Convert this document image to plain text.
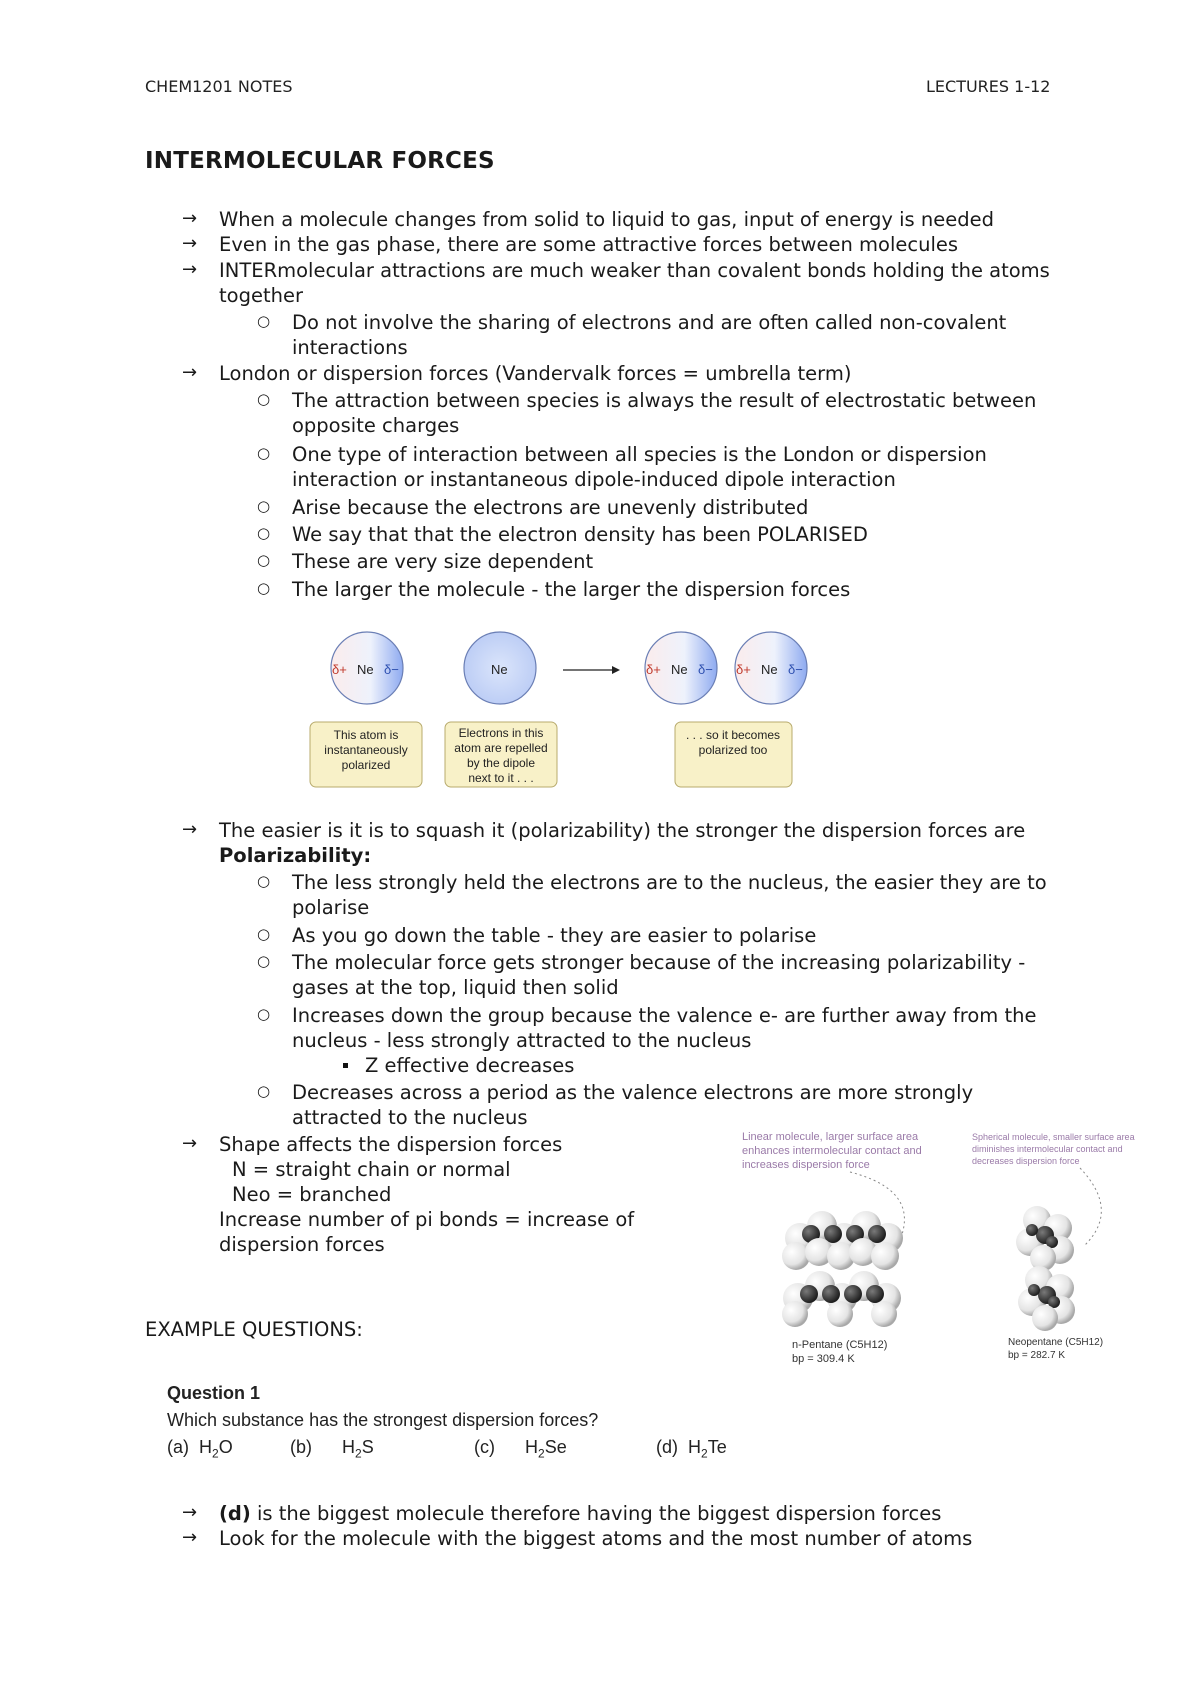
CHEM1201 NOTES	LECTURES 1-12
INTERMOLECULAR FORCES
→ When a molecule changes from solid to liquid to gas, input of energy is needed
→ Even in the gas phase, there are some attractive forces between molecules
→ INTERmolecular attractions are much weaker than covalent bonds holding the atoms
together
○ Do not involve the sharing of electrons and are often called non-covalent
interactions
→ London or dispersion forces (Vandervalk forces = umbrella term)
○ The attraction between species is always the result of electrostatic between
opposite charges
○ One type of interaction between all species is the London or dispersion
interaction or instantaneous dipole-induced dipole interaction
○ Arise because the electrons are unevenly distributed
○ We say that that the electron density has been POLARISED
○ These are very size dependent
○ The larger the molecule - the larger the dispersion forces
δ+ Ne δ−	Ne	δ+ Ne δ− δ+ Ne δ−
This atom is
instantaneously
polarized
Electrons in this
atom are repelled
by the dipole
next to it . . .
. . . so it becomes
polarized too
→ The easier is it is to squash it (polarizability) the stronger the dispersion forces are
Polarizability:
○ The less strongly held the electrons are to the nucleus, the easier they are to
polarise
○ As you go down the table - they are easier to polarise
○ The molecular force gets stronger because of the increasing polarizability -
gases at the top, liquid then solid
○ Increases down the group because the valence e- are further away from the
nucleus - less strongly attracted to the nucleus
Z effective decreases
○ Decreases across a period as the valence electrons are more strongly
attracted to the nucleus
→ Shape affects the dispersion forces
N = straight chain or normal
Neo = branched
Increase number of pi bonds = increase of
dispersion forces
Linear molecule, larger surface area
enhances intermolecular contact and
increases dispersion force
Spherical molecule, smaller surface area
diminishes intermolecular contact and
decreases dispersion force
n-Pentane (C5H12)
bp = 309.4 K
Neopentane (C5H12)
bp = 282.7 K
EXAMPLE QUESTIONS:
Question 1
Which substance has the strongest dispersion forces?
(a)  $H_2O$	(b)      $H_2S$	(c)      $H_2Se$	(d)  $H_2Te$
→ (d) is the biggest molecule therefore having the biggest dispersion forces
→ Look for the molecule with the biggest atoms and the most number of atoms
